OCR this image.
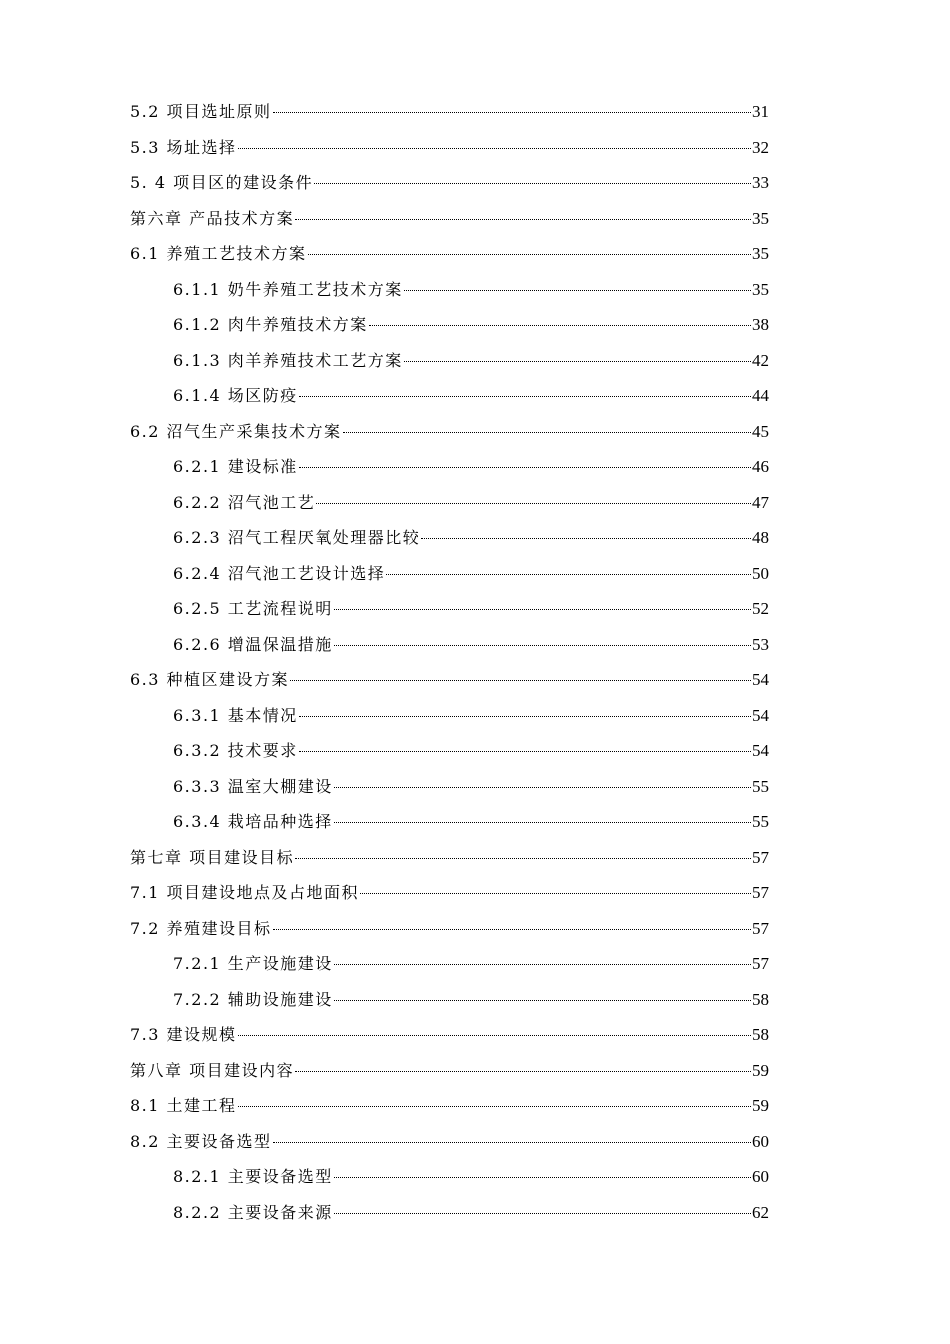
5.2 项目选址原则	31
5.3 场址选择	32
5. 4 项目区的建设条件	33
第六章 产品技术方案	35
6.1 养殖工艺技术方案	35
6.1.1 奶牛养殖工艺技术方案	35
6.1.2 肉牛养殖技术方案	38
6.1.3 肉羊养殖技术工艺方案	42
6.1.4 场区防疫	44
6.2 沼气生产采集技术方案	45
6.2.1 建设标准	46
6.2.2 沼气池工艺	47
6.2.3 沼气工程厌氧处理器比较	48
6.2.4 沼气池工艺设计选择	50
6.2.5 工艺流程说明	52
6.2.6 增温保温措施	53
6.3 种植区建设方案	54
6.3.1 基本情况	54
6.3.2 技术要求	54
6.3.3 温室大棚建设	55
6.3.4 栽培品种选择	55
第七章 项目建设目标	57
7.1 项目建设地点及占地面积	57
7.2 养殖建设目标	57
7.2.1 生产设施建设	57
7.2.2 辅助设施建设	58
7.3 建设规模	58
第八章 项目建设内容	59
8.1 土建工程	59
8.2 主要设备选型	60
8.2.1 主要设备选型	60
8.2.2 主要设备来源	62
